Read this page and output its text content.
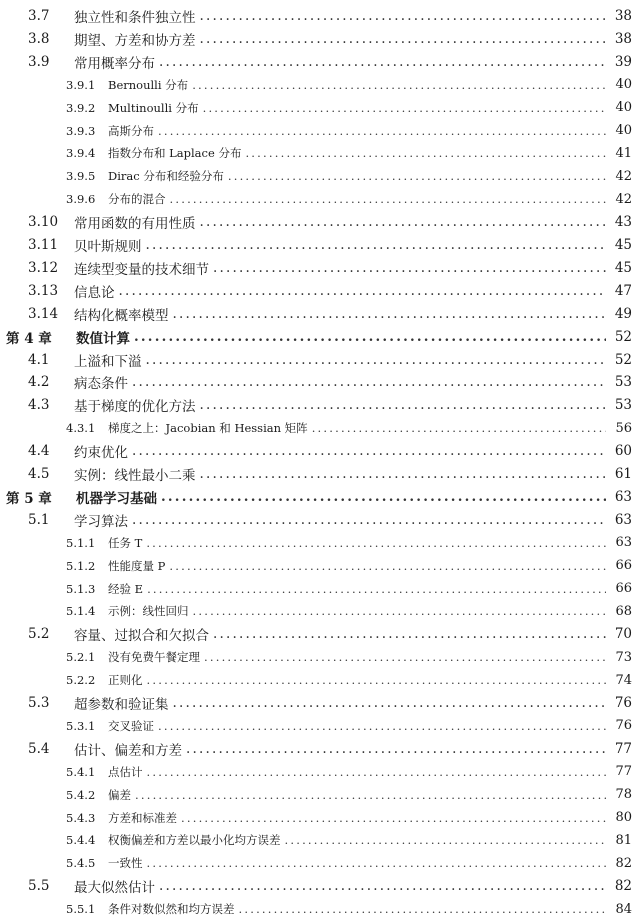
3.7	独立性和条件独立性 .....	38
3.8	期望、方差和协方差 .....	38
3.9	常用概率分布 .....	39
3.9.1	Bernoulli 分布 .....	40
3.9.2	Multinoulli 分布 .....	40
3.9.3	高斯分布 .....	40
3.9.4	指数分布和 Laplace 分布 .....	41
3.9.5	Dirac 分布和经验分布 .....	42
3.9.6	分布的混合 .....	42
3.10	常用函数的有用性质 .....	43
3.11	贝叶斯规则 .....	45
3.12	连续型变量的技术细节 .....	45
3.13	信息论 .....	47
3.14	结构化概率模型 .....	49
第 4 章	数值计算 .....	52
4.1	上溢和下溢 .....	52
4.2	病态条件 .....	53
4.3	基于梯度的优化方法 .....	53
4.3.1	梯度之上：Jacobian 和 Hessian 矩阵 .....	56
4.4	约束优化 .....	60
4.5	实例：线性最小二乘 .....	61
第 5 章	机器学习基础 .....	63
5.1	学习算法 .....	63
5.1.1	任务 T .....	63
5.1.2	性能度量 P .....	66
5.1.3	经验 E .....	66
5.1.4	示例：线性回归 .....	68
5.2	容量、过拟合和欠拟合 .....	70
5.2.1	没有免费午餐定理 .....	73
5.2.2	正则化 .....	74
5.3	超参数和验证集 .....	76
5.3.1	交叉验证 .....	76
5.4	估计、偏差和方差 .....	77
5.4.1	点估计 .....	77
5.4.2	偏差 .....	78
5.4.3	方差和标准差 .....	80
5.4.4	权衡偏差和方差以最小化均方误差 .....	81
5.4.5	一致性 .....	82
5.5	最大似然估计 .....	82
5.5.1	条件对数似然和均方误差 .....	84
